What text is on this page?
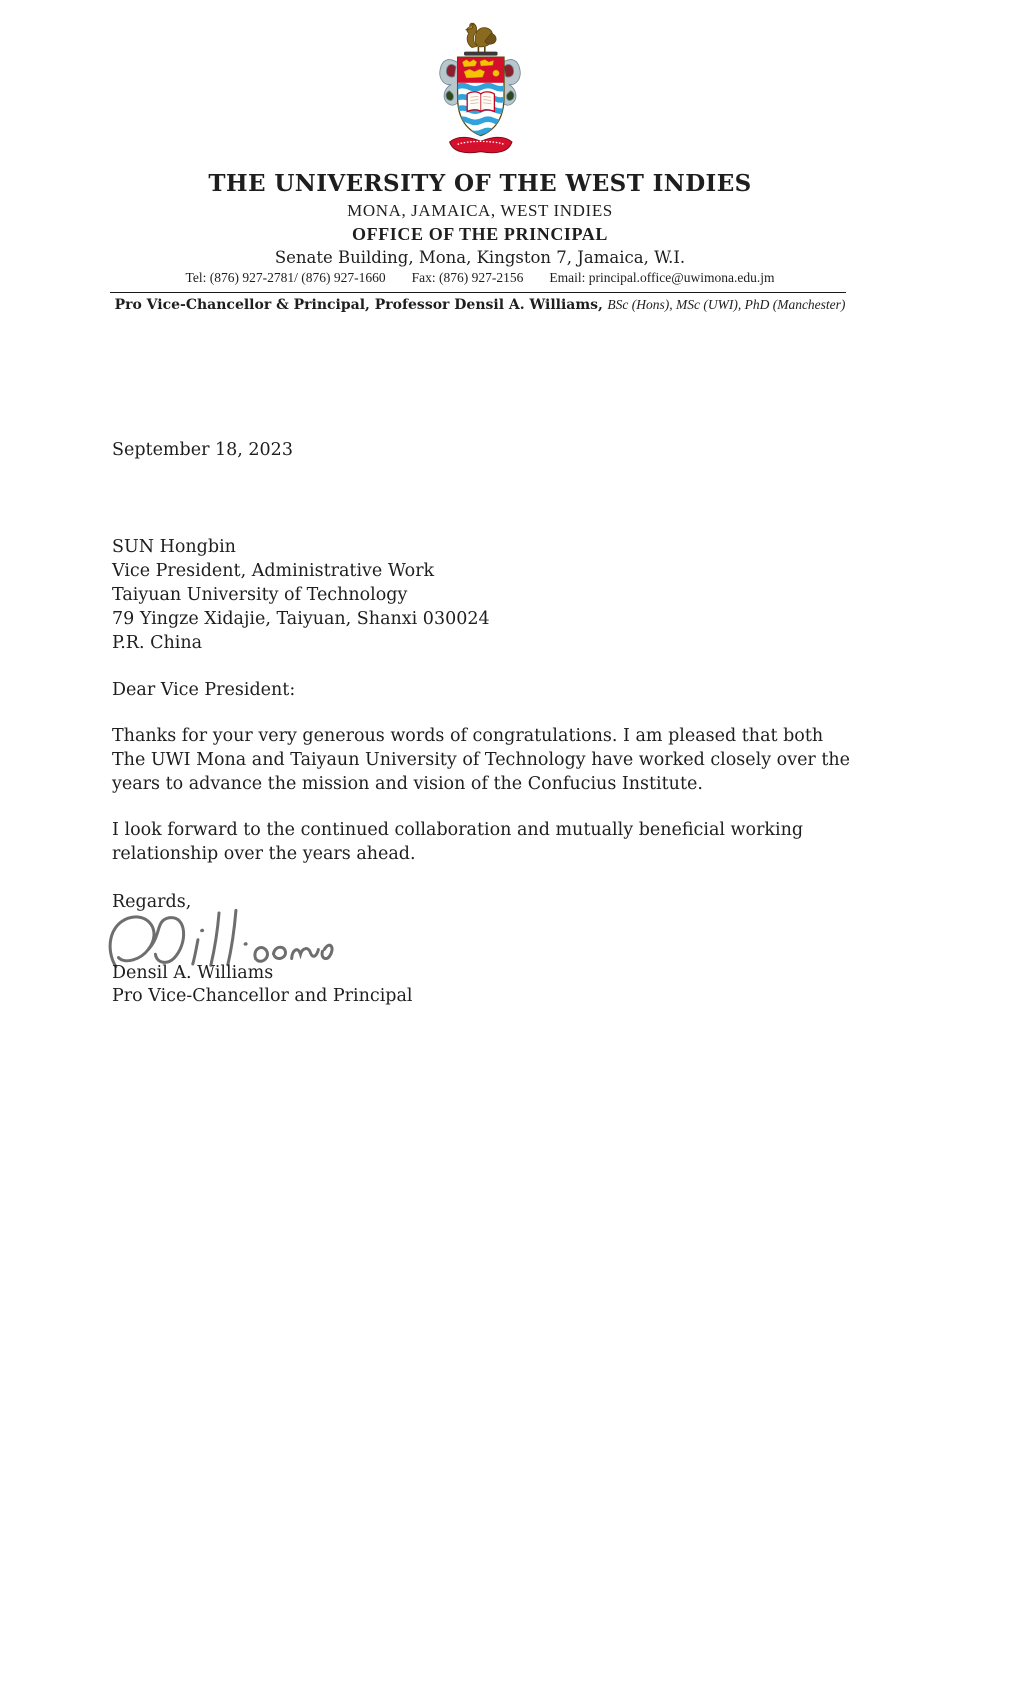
THE UNIVERSITY OF THE WEST INDIES
MONA, JAMAICA, WEST INDIES
OFFICE OF THE PRINCIPAL
Senate Building, Mona, Kingston 7, Jamaica, W.I.
Tel: (876) 927-2781/ (876) 927-1660 Fax: (876) 927-2156 Email: principal.office@uwimona.edu.jm
Pro Vice-Chancellor & Principal, Professor Densil A. Williams, BSc (Hons), MSc (UWI), PhD (Manchester)
September 18, 2023
SUN Hongbin
Vice President, Administrative Work
Taiyuan University of Technology
79 Yingze Xidajie, Taiyuan, Shanxi 030024
P.R. China
Dear Vice President:
Thanks for your very generous words of congratulations. I am pleased that both The UWI Mona and Taiyaun University of Technology have worked closely over the years to advance the mission and vision of the Confucius Institute.
I look forward to the continued collaboration and mutually beneficial working relationship over the years ahead.
Regards,
Densil A. Williams
Pro Vice-Chancellor and Principal
